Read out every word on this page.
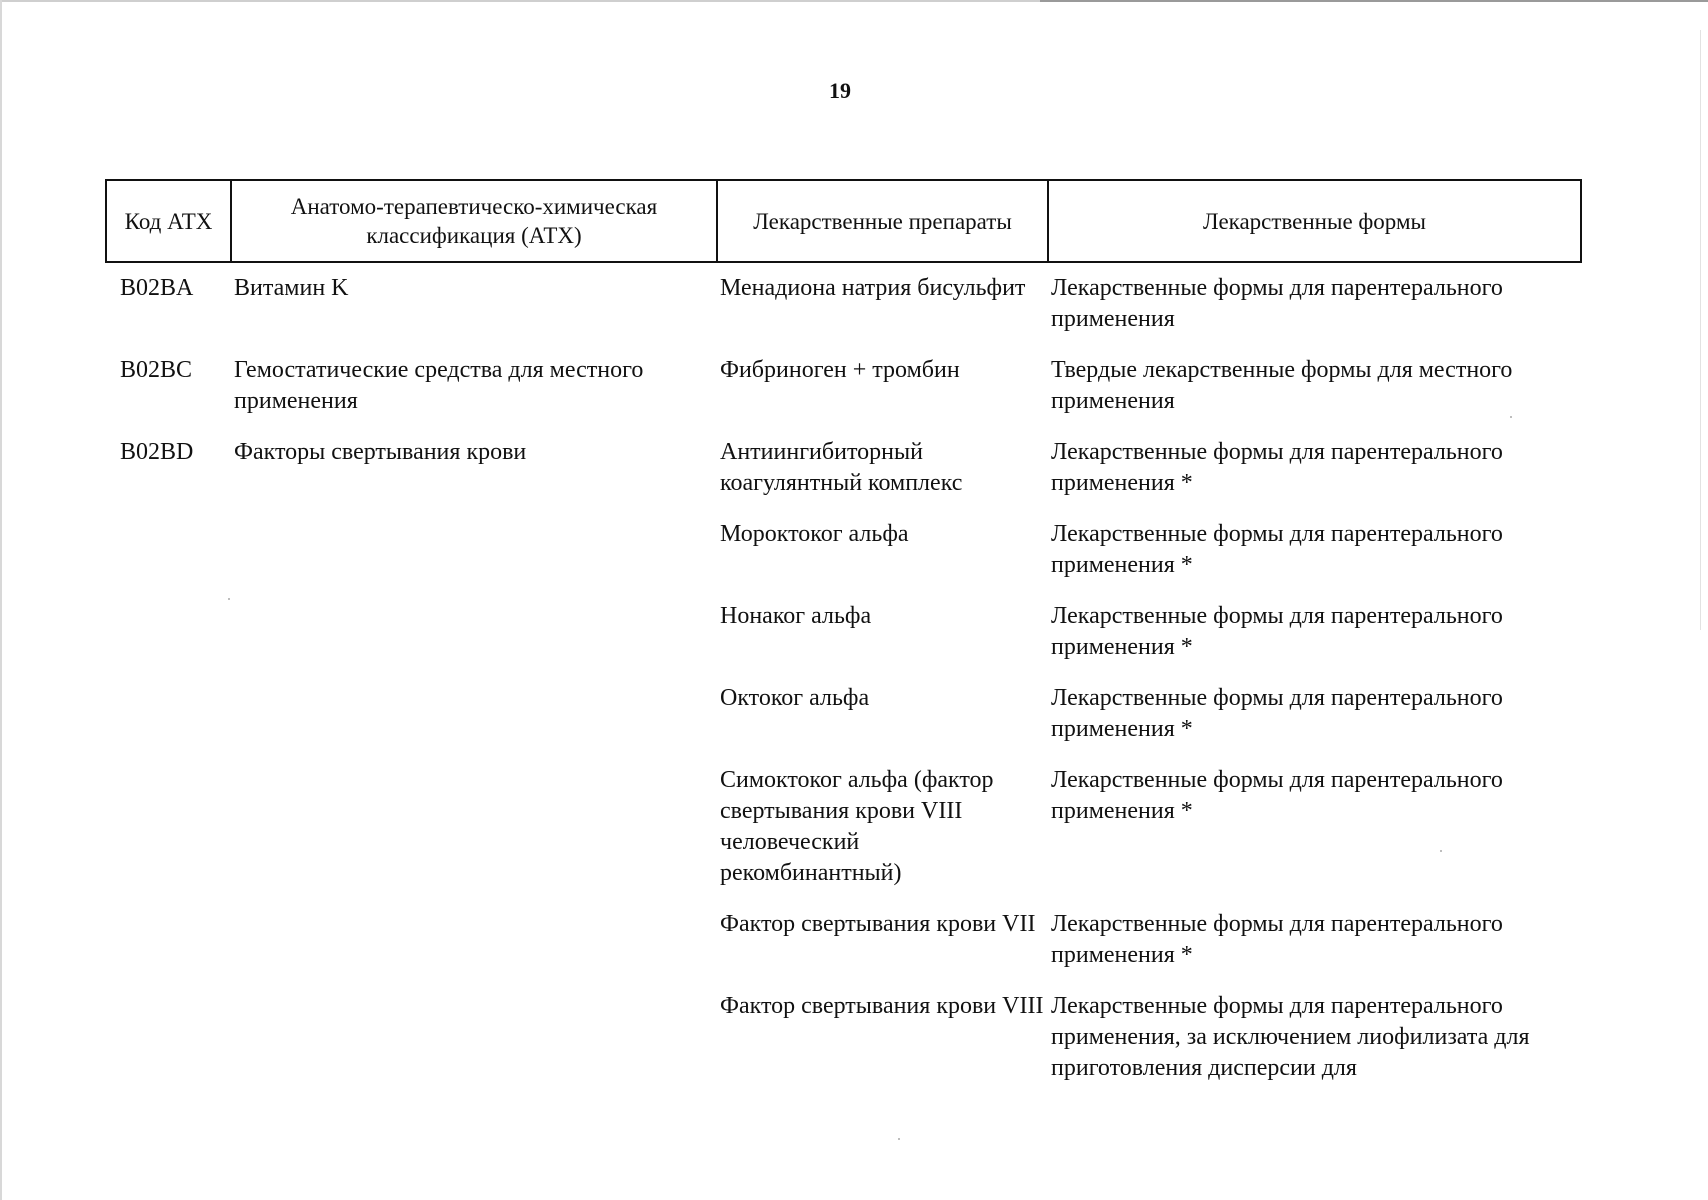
19
Код АТХ	Анатомо-терапевтическо-химическая классификация (АТХ)	Лекарственные препараты	Лекарственные формы
B02BA	Витамин K	Менадиона натрия бисульфит	Лекарственные формы для парентерального применения
B02BC	Гемостатические средства для местного применения	Фибриноген + тромбин	Твердые лекарственные формы для местного применения
B02BD	Факторы свертывания крови	Антиингибиторный коагулянтный комплекс	Лекарственные формы для парентерального применения *
		Мороктоког альфа	Лекарственные формы для парентерального применения *
		Нонаког альфа	Лекарственные формы для парентерального применения *
		Октоког альфа	Лекарственные формы для парентерального применения *
		Симоктоког альфа (фактор свертывания крови VIII человеческий рекомбинантный)	Лекарственные формы для парентерального применения *
		Фактор свертывания крови VII	Лекарственные формы для парентерального применения *
		Фактор свертывания крови VIII	Лекарственные формы для парентерального применения, за исключением лиофилизата для приготовления дисперсии для
